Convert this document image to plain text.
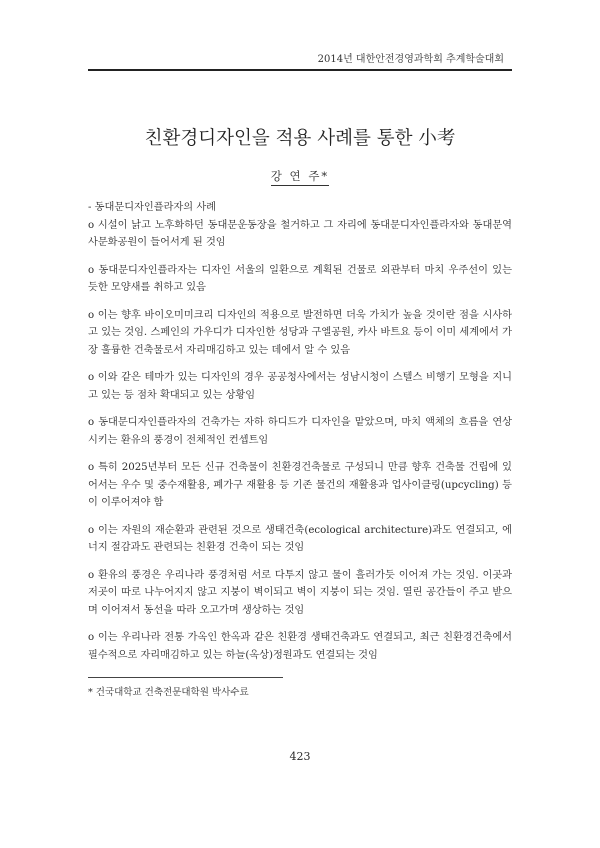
2014년 대한안전경영과학회 추계학술대회
친환경디자인을 적용 사례를 통한 小考
강 연 주*

- 동대문디자인플라자의 사례

o 시설이 낡고 노후화하던 동대문운동장을 철거하고 그 자리에 동대문디자인플라자와 동대문역사문화공원이 들어서게 된 것임

o 동대문디자인플라자는 디자인 서울의 일환으로 계획된 건물로 외관부터 마치 우주선이 있는 듯한 모양새를 취하고 있음

o 이는 향후 바이오미미크리 디자인의 적용으로 발전하면 더욱 가치가 높을 것이란 점을 시사하고 있는 것임. 스페인의 가우디가 디자인한 성당과 구엘공원, 카사 바트요 등이 이미 세계에서 가장 훌륭한 건축물로서 자리매김하고 있는 데에서 알 수 있음

o 이와 같은 테마가 있는 디자인의 경우 공공청사에서는 성남시청이 스텔스 비행기 모형을 지니고 있는 등 점차 확대되고 있는 상황임

o 동대문디자인플라자의 건축가는 자하 하디드가 디자인을 맡았으며, 마치 액체의 흐름을 연상시키는 환유의 풍경이 전체적인 컨셉트임

o 특히 2025년부터 모든 신규 건축물이 친환경건축물로 구성되니 만큼 향후 건축물 건립에 있어서는 우수 및 중수재활용, 폐가구 재활용 등 기존 물건의 재활용과 업사이클링(upcycling) 등이 이루어져야 함

o 이는 자원의 재순환과 관련된 것으로 생태건축(ecological architecture)과도 연결되고, 에너지 절감과도 관련되는 친환경 건축이 되는 것임

o 환유의 풍경은 우리나라 풍경처럼 서로 다투지 않고 물이 흘러가듯 이어져 가는 것임. 이곳과 저곳이 따로 나누어지지 않고 지붕이 벽이되고 벽이 지붕이 되는 것임. 열린 공간들이 주고 받으며 이어져서 동선을 따라 오고가며 생상하는 것임

o 이는 우리나라 전통 가옥인 한옥과 같은 친환경 생태건축과도 연결되고, 최근 친환경건축에서 필수적으로 자리매김하고 있는 하늘(옥상)정원과도 연결되는 것임

* 건국대학교 건축전문대학원 박사수료
423
